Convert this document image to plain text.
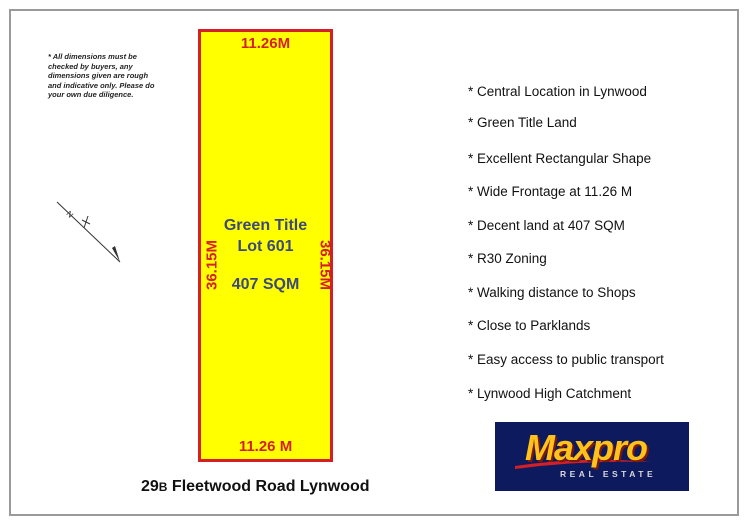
* All dimensions must be checked by buyers, any dimensions given are rough and indicative only. Please do your own due diligence.
N
11.26M
36.15M	36.15M
Green Title
Lot 601
407 SQM
11.26 M
* Central Location in Lynwood
* Green Title Land
* Excellent Rectangular Shape
* Wide Frontage at 11.26 M
* Decent land at 407 SQM
* R30 Zoning
* Walking distance to Shops
* Close to Parklands
* Easy access to public transport
* Lynwood High Catchment
29B Fleetwood Road Lynwood
Maxpro
REAL ESTATE
